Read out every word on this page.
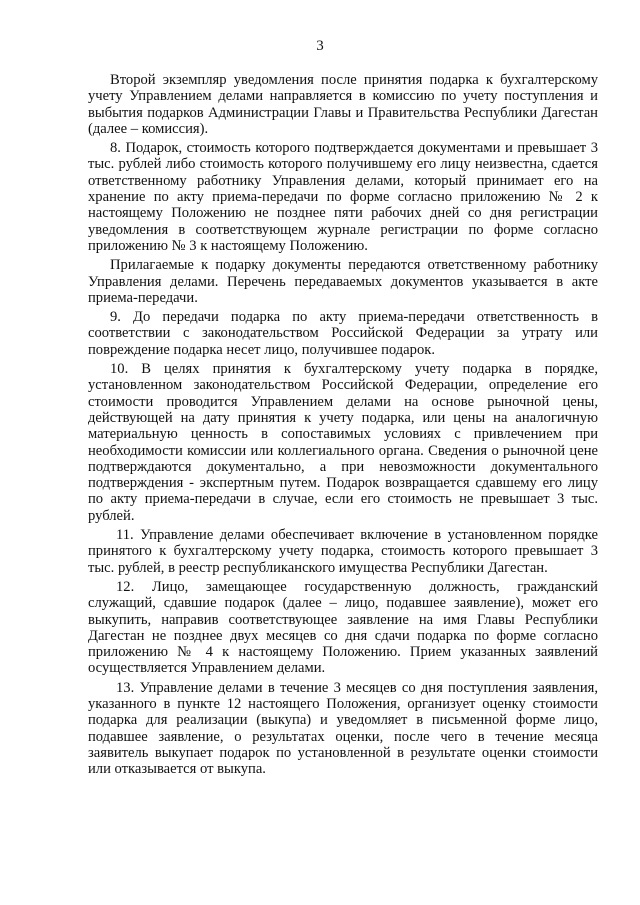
3

Второй экземпляр уведомления после принятия подарка к бухгалтерскому учету Управлением делами направляется в комиссию по учету поступления и выбытия подарков Администрации Главы и Правительства Республики Дагестан (далее – комиссия).

8. Подарок, стоимость которого подтверждается документами и превышает 3 тыс. рублей либо стоимость которого получившему его лицу неизвестна, сдается ответственному работнику Управления делами, который принимает его на хранение по акту приема-передачи по форме согласно приложению № 2 к настоящему Положению не позднее пяти рабочих дней со дня регистрации уведомления в соответствующем журнале регистрации по форме согласно приложению № 3 к настоящему Положению.

Прилагаемые к подарку документы передаются ответственному работнику Управления делами. Перечень передаваемых документов указывается в акте приема-передачи.

9. До передачи подарка по акту приема-передачи ответственность в соответствии с законодательством Российской Федерации за утрату или повреждение подарка несет лицо, получившее подарок.

10. В целях принятия к бухгалтерскому учету подарка в порядке, установленном законодательством Российской Федерации, определение его стоимости проводится Управлением делами на основе рыночной цены, действующей на дату принятия к учету подарка, или цены на аналогичную материальную ценность в сопоставимых условиях с привлечением при необходимости комиссии или коллегиального органа. Сведения о рыночной цене подтверждаются документально, а при невозможности документального подтверждения - экспертным путем. Подарок возвращается сдавшему его лицу по акту приема-передачи в случае, если его стоимость не превышает 3 тыс. рублей.

11. Управление делами обеспечивает включение в установленном порядке принятого к бухгалтерскому учету подарка, стоимость которого превышает 3 тыс. рублей, в реестр республиканского имущества Республики Дагестан.

12. Лицо, замещающее государственную должность, гражданский служащий, сдавшие подарок (далее – лицо, подавшее заявление), может его выкупить, направив соответствующее заявление на имя Главы Республики Дагестан не позднее двух месяцев со дня сдачи подарка по форме согласно приложению № 4 к настоящему Положению. Прием указанных заявлений осуществляется Управлением делами.

13. Управление делами в течение 3 месяцев со дня поступления заявления, указанного в пункте 12 настоящего Положения, организует оценку стоимости подарка для реализации (выкупа) и уведомляет в письменной форме лицо, подавшее заявление, о результатах оценки, после чего в течение месяца заявитель выкупает подарок по установленной в результате оценки стоимости или отказывается от выкупа.
